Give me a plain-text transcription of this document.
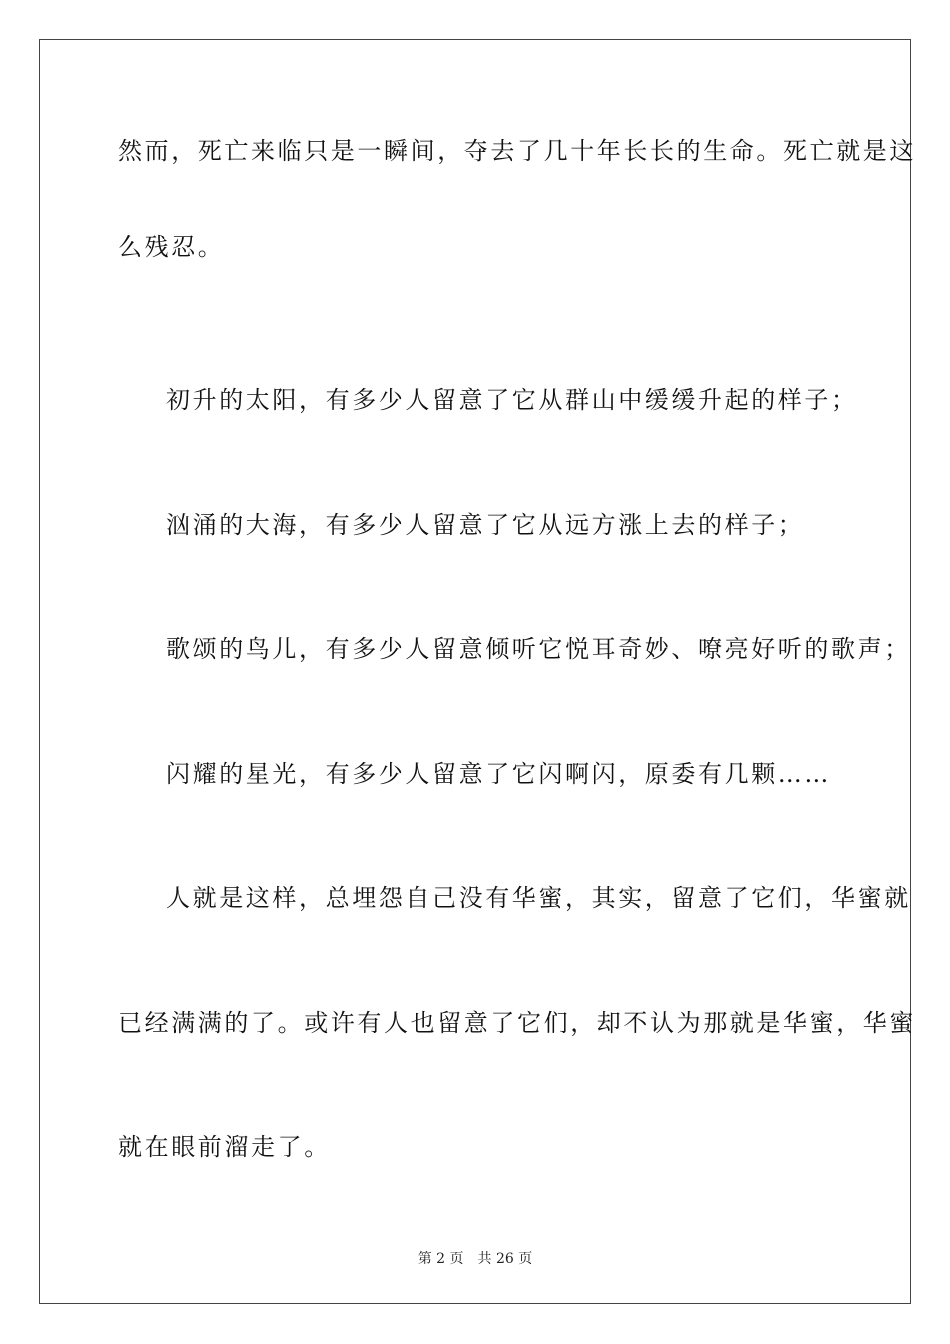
然而，死亡来临只是一瞬间，夺去了几十年长长的生命。死亡就是这
么残忍。
初升的太阳，有多少人留意了它从群山中缓缓升起的样子；
汹涌的大海，有多少人留意了它从远方涨上去的样子；
歌颂的鸟儿，有多少人留意倾听它悦耳奇妙、嘹亮好听的歌声；
闪耀的星光，有多少人留意了它闪啊闪，原委有几颗……
人就是这样，总埋怨自己没有华蜜，其实，留意了它们，华蜜就
已经满满的了。或许有人也留意了它们，却不认为那就是华蜜，华蜜
就在眼前溜走了。
第 2 页 共 26 页
